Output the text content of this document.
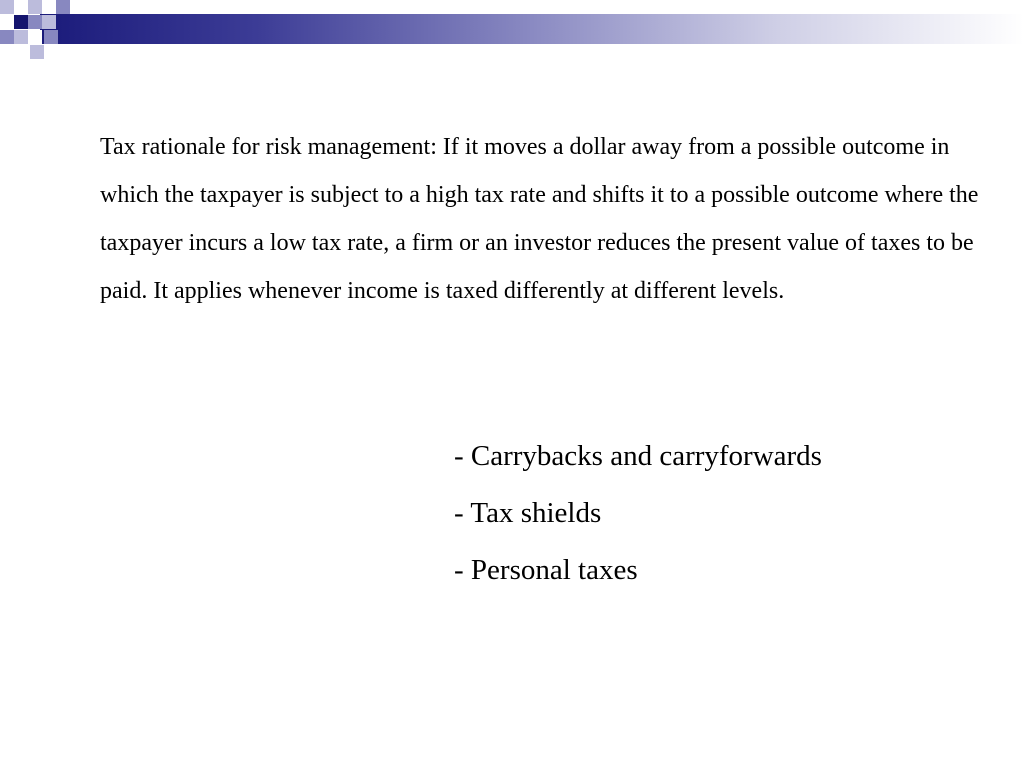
Tax rationale for risk management: If it moves a dollar away from a possible outcome in which the taxpayer is subject to a high tax rate and shifts it to a possible outcome where the taxpayer incurs a low tax rate, a firm or an investor reduces the present value of taxes to be paid. It applies whenever income is taxed differently at different levels.

- Carrybacks and carryforwards
- Tax shields
- Personal taxes
